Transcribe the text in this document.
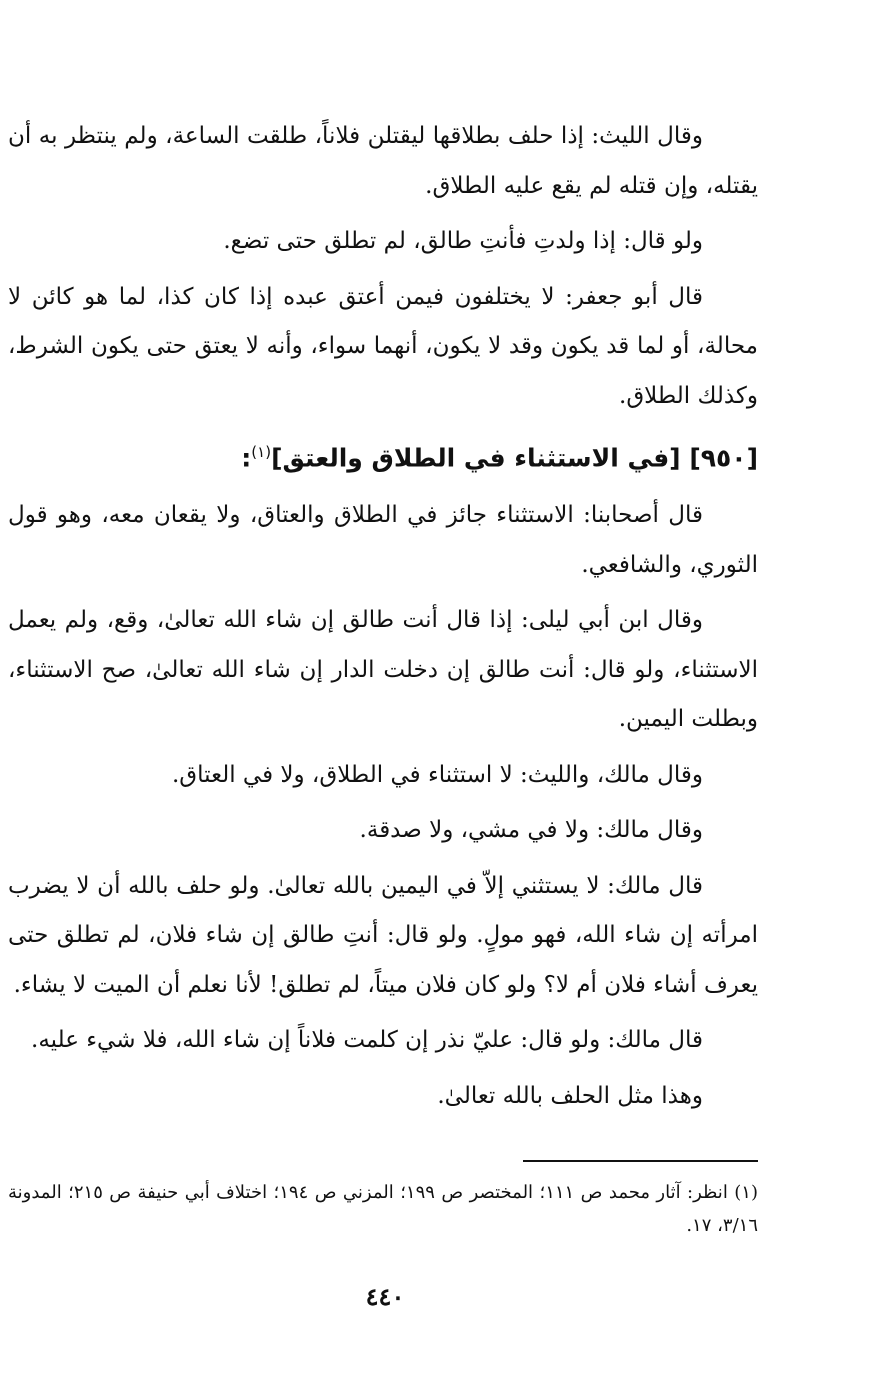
وقال الليث: إذا حلف بطلاقها ليقتلن فلاناً، طلقت الساعة، ولم ينتظر به أن يقتله، وإن قتله لم يقع عليه الطلاق.

ولو قال: إذا ولدتِ فأنتِ طالق، لم تطلق حتى تضع.

قال أبو جعفر: لا يختلفون فيمن أعتق عبده إذا كان كذا، لما هو كائن لا محالة، أو لما قد يكون وقد لا يكون، أنهما سواء، وأنه لا يعتق حتى يكون الشرط، وكذلك الطلاق.

[٩٥٠] [في الاستثناء في الطلاق والعتق]$^{(١)}$:

قال أصحابنا: الاستثناء جائز في الطلاق والعتاق، ولا يقعان معه، وهو قول الثوري، والشافعي.

وقال ابن أبي ليلى: إذا قال أنت طالق إن شاء الله تعالىٰ، وقع، ولم يعمل الاستثناء، ولو قال: أنت طالق إن دخلت الدار إن شاء الله تعالىٰ، صح الاستثناء، وبطلت اليمين.

وقال مالك، والليث: لا استثناء في الطلاق، ولا في العتاق.

وقال مالك: ولا في مشي، ولا صدقة.

قال مالك: لا يستثني إلاّ في اليمين بالله تعالىٰ. ولو حلف بالله أن لا يضرب امرأته إن شاء الله، فهو مولٍ. ولو قال: أنتِ طالق إن شاء فلان، لم تطلق حتى يعرف أشاء فلان أم لا؟ ولو كان فلان ميتاً، لم تطلق! لأنا نعلم أن الميت لا يشاء.

قال مالك: ولو قال: عليّ نذر إن كلمت فلاناً إن شاء الله، فلا شيء عليه.

وهذا مثل الحلف بالله تعالىٰ.

(١) انظر: آثار محمد ص ١١١؛ المختصر ص ١٩٩؛ المزني ص ١٩٤؛ اختلاف أبي حنيفة ص ٢١٥؛ المدونة ٣/١٦، ١٧.

٤٤٠
